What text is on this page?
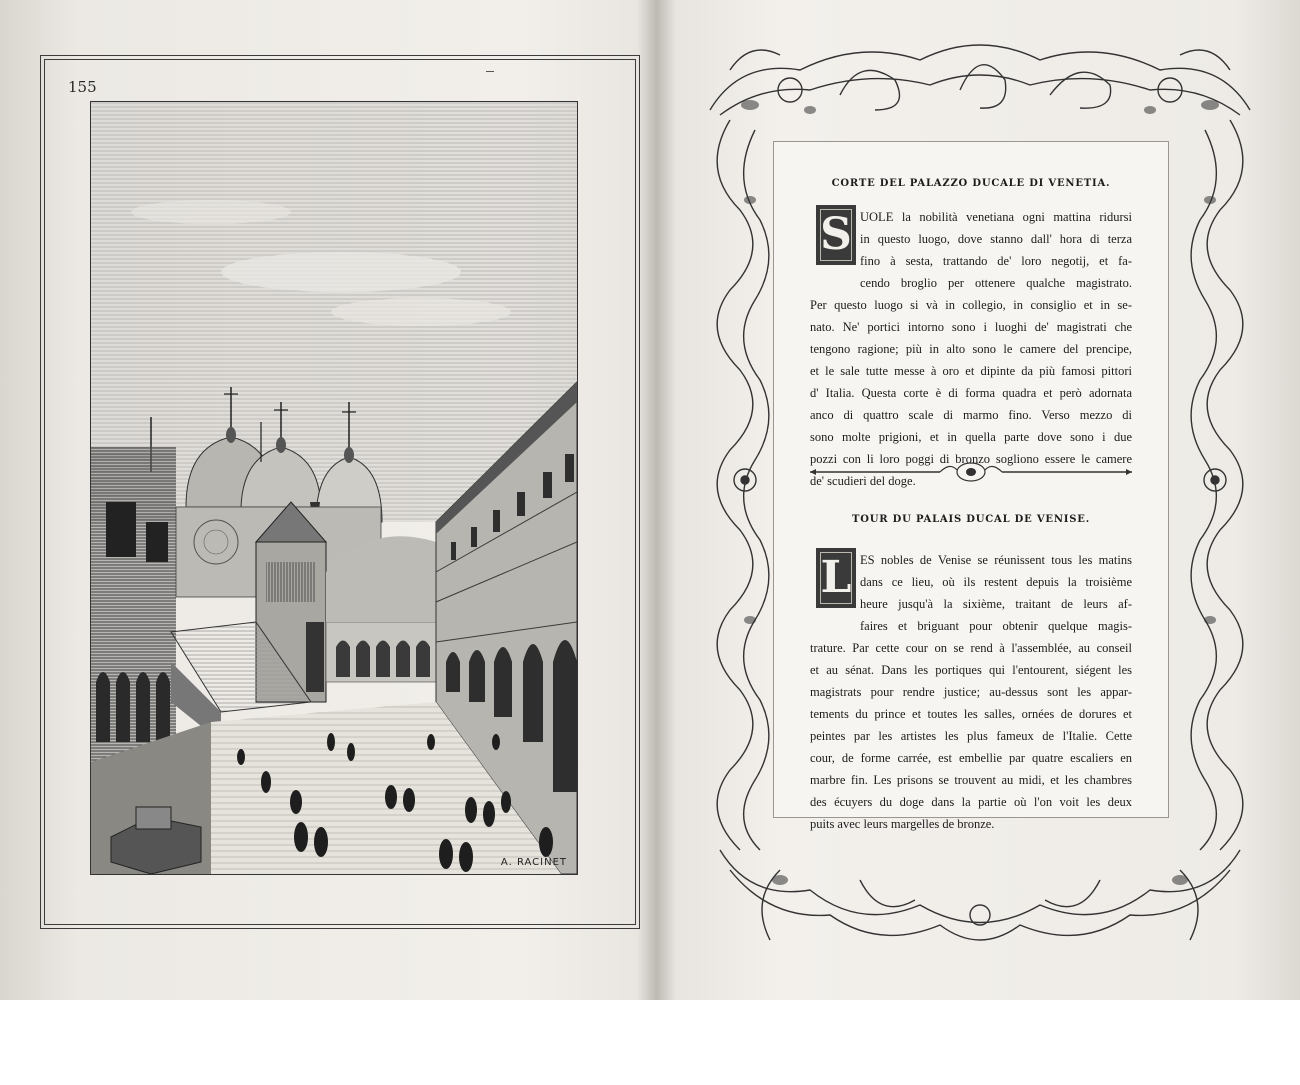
155
A. RACINET
CORTE DEL PALAZZO DUCALE DI VENETIA.
S UOLE la nobilità venetiana ogni mattina ridursi
in questo luogo, dove stanno dall' hora di terza
fino à sesta, trattando de' loro negotij, et fa-
cendo broglio per ottenere qualche magistrato.
Per questo luogo si và in collegio, in consiglio et in se-
nato. Ne' portici intorno sono i luoghi de' magistrati che
tengono ragione; più in alto sono le camere del prencipe,
et le sale tutte messe à oro et dipinte da più famosi pittori
d' Italia. Questa corte è di forma quadra et però adornata
anco di quattro scale di marmo fino. Verso mezzo di
sono molte prigioni, et in quella parte dove sono i due
pozzi con li loro poggi di bronzo sogliono essere le camere
de' scudieri del doge.
TOUR DU PALAIS DUCAL DE VENISE.
L ES nobles de Venise se réunissent tous les matins
dans ce lieu, où ils restent depuis la troisième
heure jusqu'à la sixième, traitant de leurs af-
faires et briguant pour obtenir quelque magis-
trature. Par cette cour on se rend à l'assemblée, au conseil
et au sénat. Dans les portiques qui l'entourent, siégent les
magistrats pour rendre justice; au-dessus sont les appar-
tements du prince et toutes les salles, ornées de dorures et
peintes par les artistes les plus fameux de l'Italie. Cette
cour, de forme carrée, est embellie par quatre escaliers en
marbre fin. Les prisons se trouvent au midi, et les chambres
des écuyers du doge dans la partie où l'on voit les deux
puits avec leurs margelles de bronze.
